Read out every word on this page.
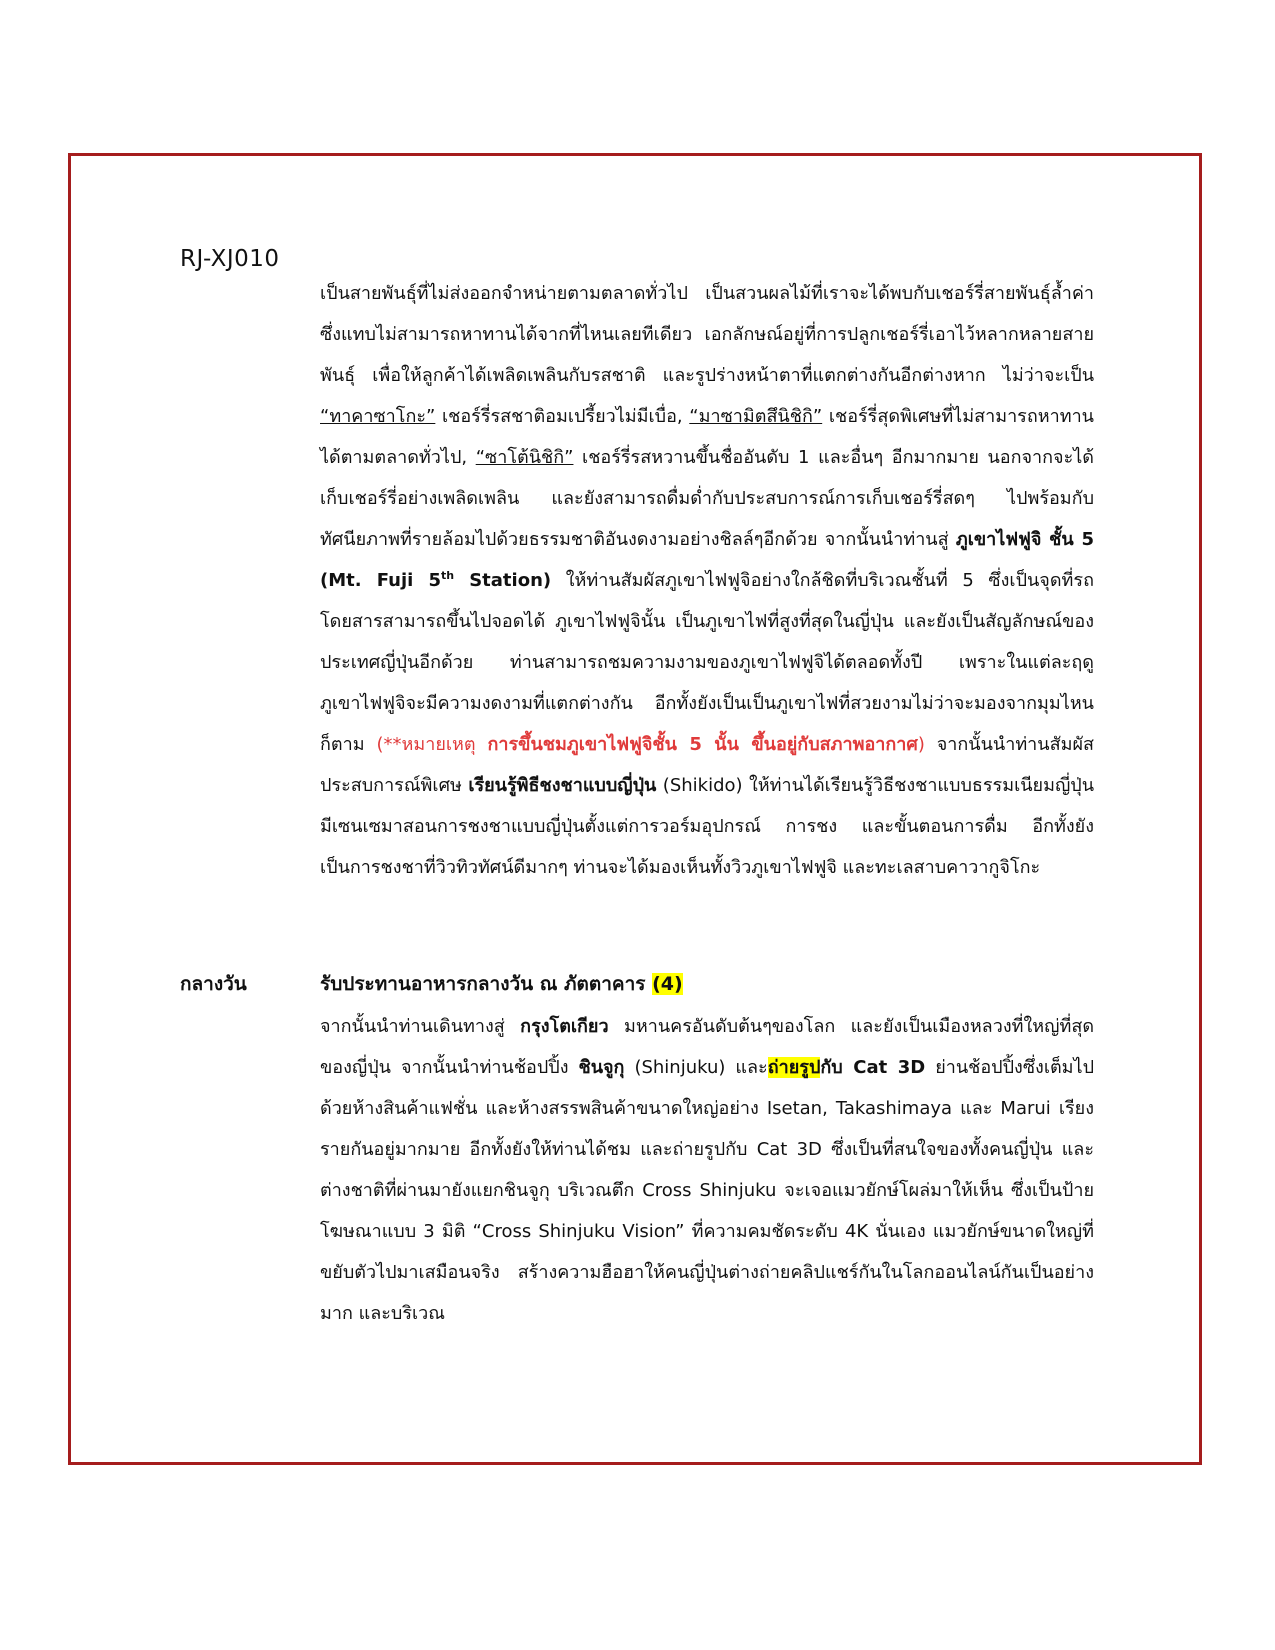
RJ-XJ010
เป็นสายพันธุ์ที่ไม่ส่งออกจำหน่ายตามตลาดทั่วไป เป็นสวนผลไม้ที่เราจะได้พบกับเชอร์รี่สายพันธุ์ล้ำค่า ซึ่งแทบไม่สามารถหาทานได้จากที่ไหนเลยทีเดียว เอกลักษณ์อยู่ที่การปลูกเชอร์รี่เอาไว้หลากหลายสายพันธุ์ เพื่อให้ลูกค้าได้เพลิดเพลินกับรสชาติ และรูปร่างหน้าตาที่แตกต่างกันอีกต่างหาก ไม่ว่าจะเป็น “ทาคาซาโกะ” เชอร์รี่รสชาติอมเปรี้ยวไม่มีเบื่อ, “มาซามิตสึนิชิกิ” เชอร์รี่สุดพิเศษที่ไม่สามารถหาทานได้ตามตลาดทั่วไป, “ซาโต้นิชิกิ” เชอร์รี่รสหวานขึ้นชื่ออันดับ 1 และอื่นๆ อีกมากมาย นอกจากจะได้เก็บเชอร์รี่อย่างเพลิดเพลิน และยังสามารถดื่มด่ำกับประสบการณ์การเก็บเชอร์รี่สดๆ ไปพร้อมกับทัศนียภาพที่รายล้อมไปด้วยธรรมชาติอันงดงามอย่างชิลล์ๆอีกด้วย จากนั้นนำท่านสู่ ภูเขาไฟฟูจิ ชั้น 5 (Mt. Fuji 5th Station) ให้ท่านสัมผัสภูเขาไฟฟูจิอย่างใกล้ชิดที่บริเวณชั้นที่ 5 ซึ่งเป็นจุดที่รถโดยสารสามารถขึ้นไปจอดได้ ภูเขาไฟฟูจินั้น เป็นภูเขาไฟที่สูงที่สุดในญี่ปุ่น และยังเป็นสัญลักษณ์ของประเทศญี่ปุ่นอีกด้วย ท่านสามารถชมความงามของภูเขาไฟฟูจิได้ตลอดทั้งปี เพราะในแต่ละฤดู ภูเขาไฟฟูจิจะมีความงดงามที่แตกต่างกัน อีกทั้งยังเป็นเป็นภูเขาไฟที่สวยงามไม่ว่าจะมองจากมุมไหนก็ตาม (**หมายเหตุ การขึ้นชมภูเขาไฟฟูจิชั้น 5 นั้น ขึ้นอยู่กับสภาพอากาศ) จากนั้นนำท่านสัมผัสประสบการณ์พิเศษ เรียนรู้พิธีชงชาแบบญี่ปุ่น (Shikido) ให้ท่านได้เรียนรู้วิธีชงชาแบบธรรมเนียมญี่ปุ่น มีเซนเซมาสอนการชงชาแบบญี่ปุ่นตั้งแต่การวอร์มอุปกรณ์ การชง และขั้นตอนการดื่ม อีกทั้งยังเป็นการชงชาที่วิวทิวทัศน์ดีมากๆ ท่านจะได้มองเห็นทั้งวิวภูเขาไฟฟูจิ และทะเลสาบคาวากูจิโกะ
กลางวัน	รับประทานอาหารกลางวัน ณ ภัตตาคาร (4)
จากนั้นนำท่านเดินทางสู่ กรุงโตเกียว มหานครอันดับต้นๆของโลก และยังเป็นเมืองหลวงที่ใหญ่ที่สุดของญี่ปุ่น จากนั้นนำท่านช้อปปิ้ง ชินจูกุ (Shinjuku) และถ่ายรูปกับ Cat 3D ย่านช้อปปิ้งซึ่งเต็มไปด้วยห้างสินค้าแฟชั่น และห้างสรรพสินค้าขนาดใหญ่อย่าง Isetan, Takashimaya และ Marui เรียงรายกันอยู่มากมาย อีกทั้งยังให้ท่านได้ชม และถ่ายรูปกับ Cat 3D ซึ่งเป็นที่สนใจของทั้งคนญี่ปุ่น และต่างชาติที่ผ่านมายังแยกชินจูกุ บริเวณตึก Cross Shinjuku จะเจอแมวยักษ์โผล่มาให้เห็น ซึ่งเป็นป้ายโฆษณาแบบ 3 มิติ “Cross Shinjuku Vision” ที่ความคมชัดระดับ 4K นั่นเอง แมวยักษ์ขนาดใหญ่ที่ขยับตัวไปมาเสมือนจริง สร้างความฮือฮาให้คนญี่ปุ่นต่างถ่ายคลิปแชร์กันในโลกออนไลน์กันเป็นอย่างมาก และบริเวณ
